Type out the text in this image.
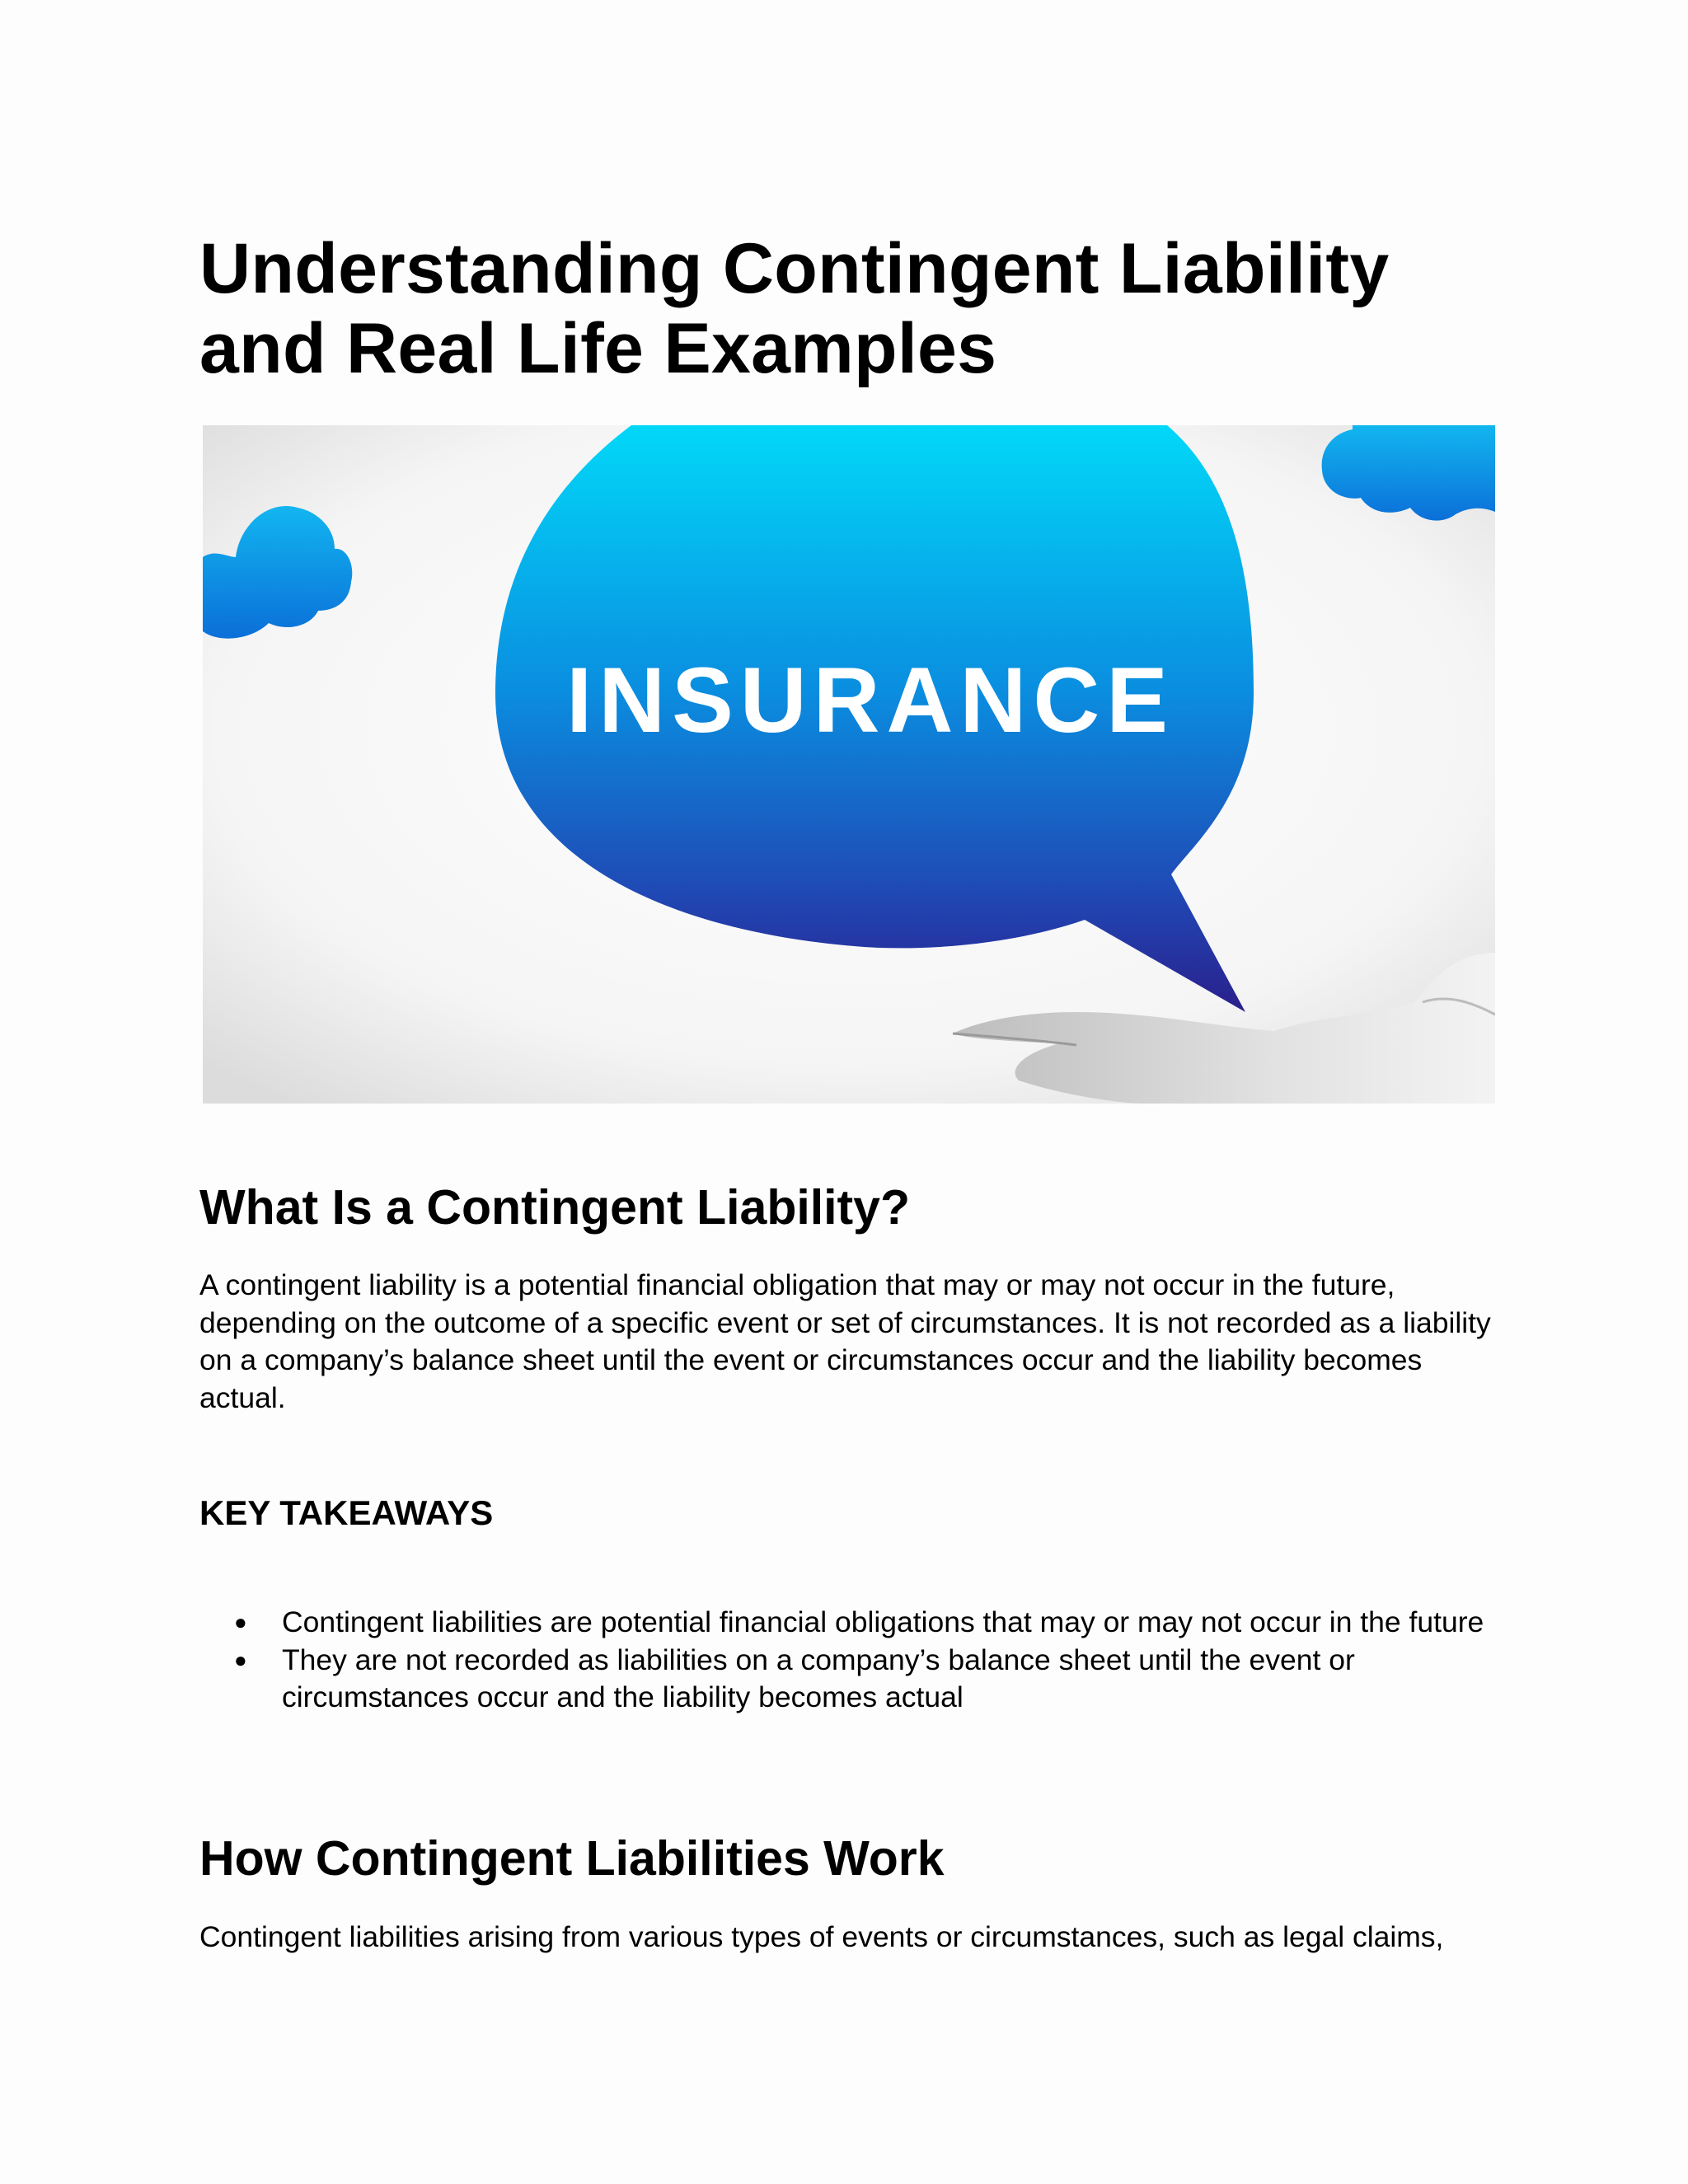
Understanding Contingent Liability and Real Life Examples
INSURANCE
What Is a Contingent Liability?

A contingent liability is a potential financial obligation that may or may not occur in the future, depending on the outcome of a specific event or set of circumstances. It is not recorded as a liability on a company’s balance sheet until the event or circumstances occur and the liability becomes actual.

KEY TAKEAWAYS
● Contingent liabilities are potential financial obligations that may or may not occur in the future
● They are not recorded as liabilities on a company’s balance sheet until the event or circumstances occur and the liability becomes actual
How Contingent Liabilities Work

Contingent liabilities arising from various types of events or circumstances, such as legal claims,
